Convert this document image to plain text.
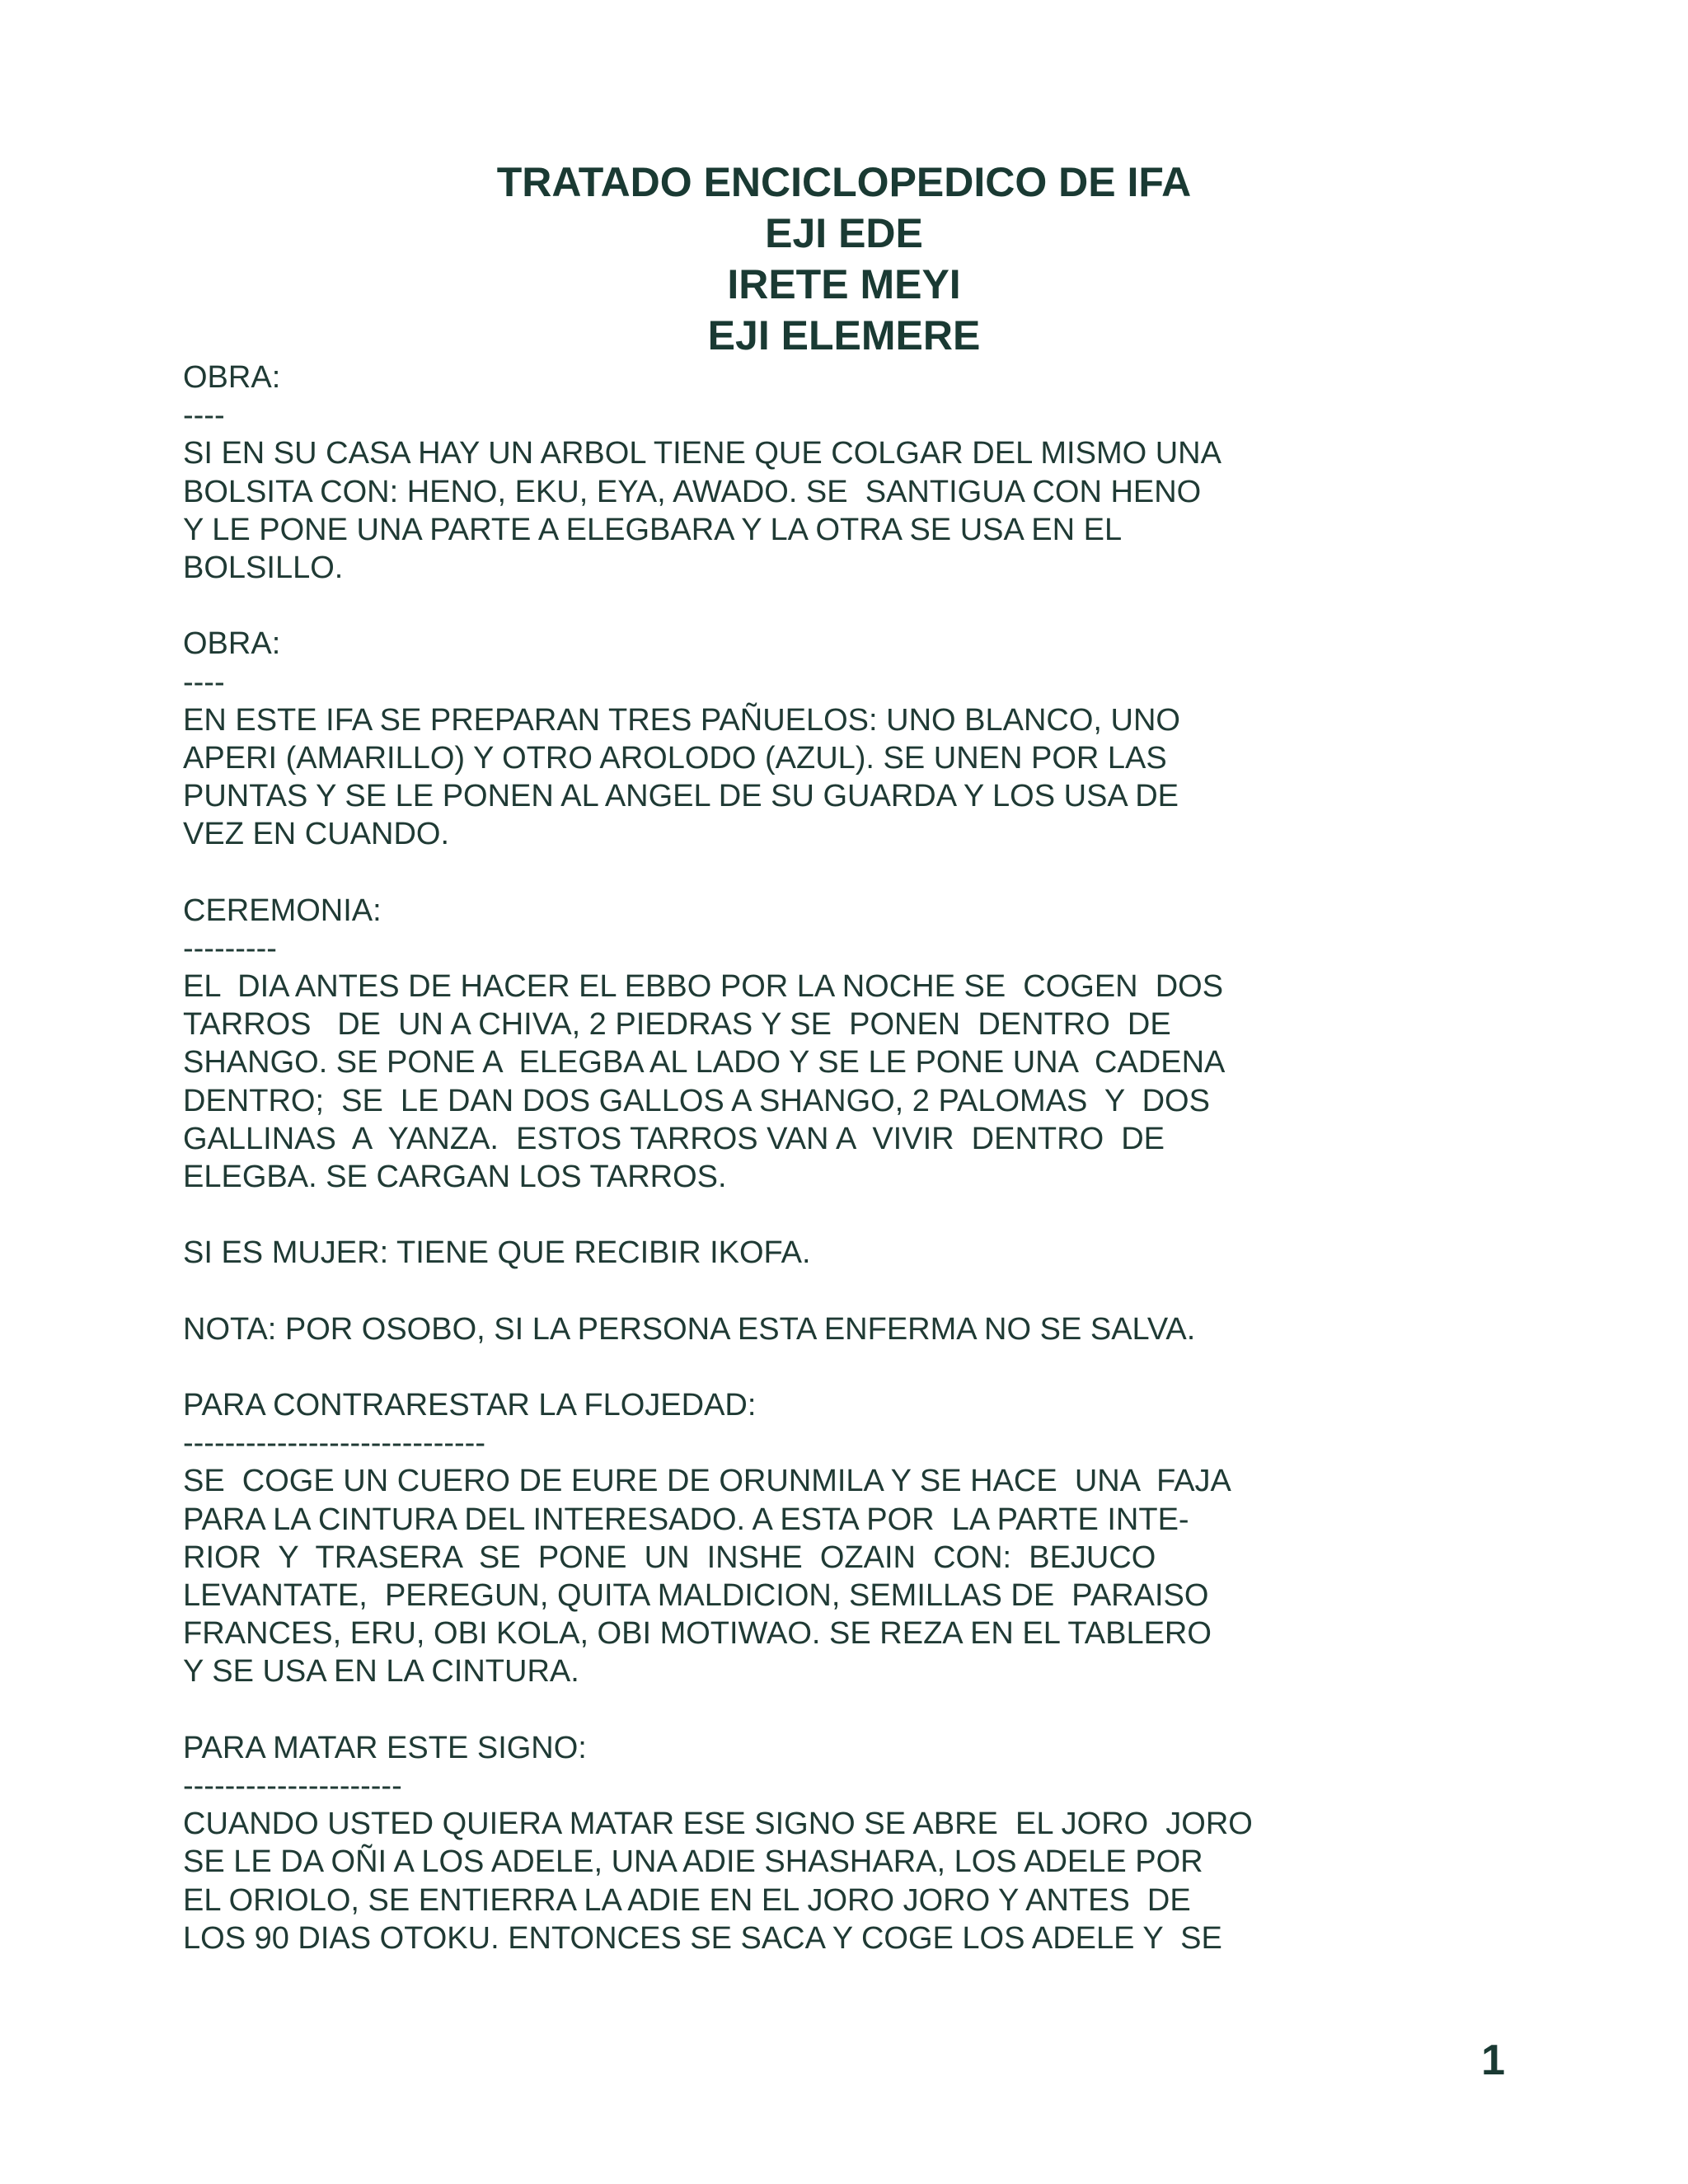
TRATADO ENCICLOPEDICO DE IFA
EJI EDE
IRETE MEYI
EJI ELEMERE
OBRA:
----
SI EN SU CASA HAY UN ARBOL TIENE QUE COLGAR DEL MISMO UNA
BOLSITA CON: HENO, EKU, EYA, AWADO. SE  SANTIGUA CON HENO
Y LE PONE UNA PARTE A ELEGBARA Y LA OTRA SE USA EN EL
BOLSILLO.
OBRA:
----
EN ESTE IFA SE PREPARAN TRES PAÑUELOS: UNO BLANCO, UNO
APERI (AMARILLO) Y OTRO AROLODO (AZUL). SE UNEN POR LAS
PUNTAS Y SE LE PONEN AL ANGEL DE SU GUARDA Y LOS USA DE
VEZ EN CUANDO.
CEREMONIA:
---------
EL  DIA ANTES DE HACER EL EBBO POR LA NOCHE SE  COGEN  DOS
TARROS   DE  UN A CHIVA, 2 PIEDRAS Y SE  PONEN  DENTRO  DE
SHANGO. SE PONE A  ELEGBA AL LADO Y SE LE PONE UNA  CADENA
DENTRO;  SE  LE DAN DOS GALLOS A SHANGO, 2 PALOMAS  Y  DOS
GALLINAS  A  YANZA.  ESTOS TARROS VAN A  VIVIR  DENTRO  DE
ELEGBA. SE CARGAN LOS TARROS.
SI ES MUJER: TIENE QUE RECIBIR IKOFA.
NOTA: POR OSOBO, SI LA PERSONA ESTA ENFERMA NO SE SALVA.
PARA CONTRARESTAR LA FLOJEDAD:
-----------------------------
SE  COGE UN CUERO DE EURE DE ORUNMILA Y SE HACE  UNA  FAJA
PARA LA CINTURA DEL INTERESADO. A ESTA POR  LA PARTE INTE-
RIOR  Y  TRASERA  SE  PONE  UN  INSHE  OZAIN  CON:  BEJUCO
LEVANTATE,  PEREGUN, QUITA MALDICION, SEMILLAS DE  PARAISO
FRANCES, ERU, OBI KOLA, OBI MOTIWAO. SE REZA EN EL TABLERO
Y SE USA EN LA CINTURA.
PARA MATAR ESTE SIGNO:
---------------------
CUANDO USTED QUIERA MATAR ESE SIGNO SE ABRE  EL JORO  JORO
SE LE DA OÑI A LOS ADELE, UNA ADIE SHASHARA, LOS ADELE POR
EL ORIOLO, SE ENTIERRA LA ADIE EN EL JORO JORO Y ANTES  DE
LOS 90 DIAS OTOKU. ENTONCES SE SACA Y COGE LOS ADELE Y  SE
1
